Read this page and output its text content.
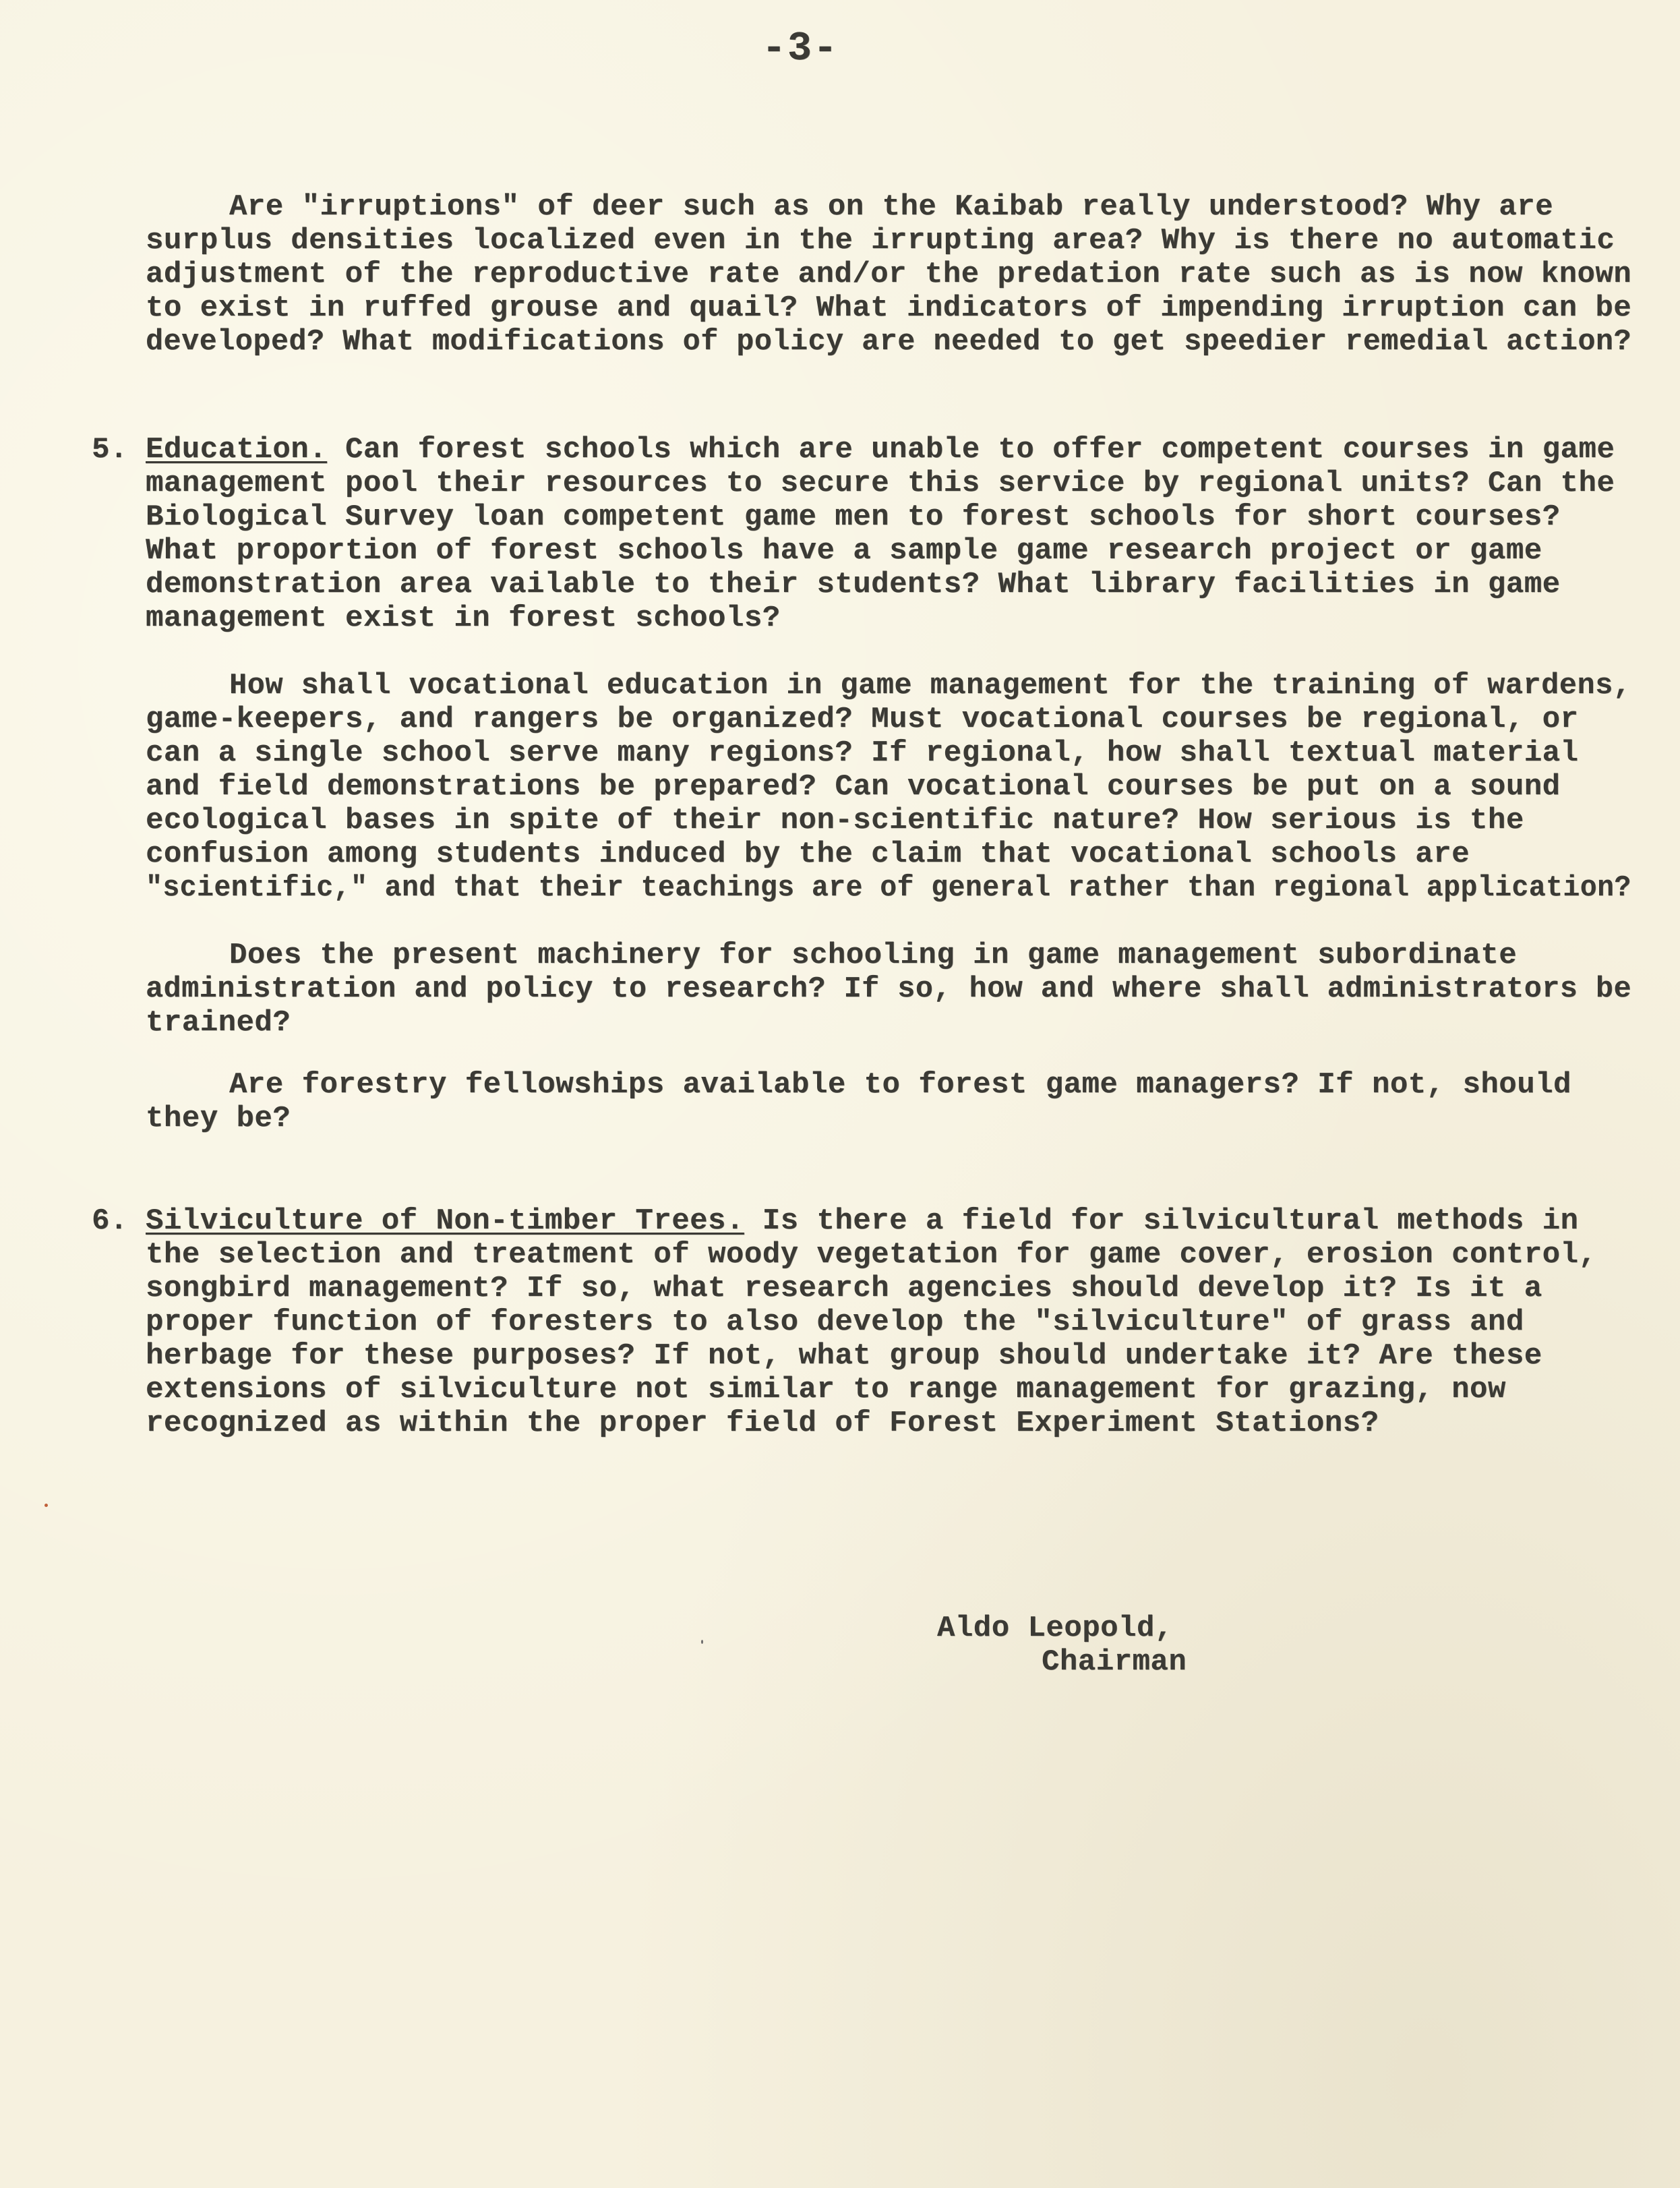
-3-
Are "irruptions" of deer such as on the Kaibab really understood? Why are
surplus densities localized even in the irrupting area? Why is there no automatic
adjustment of the reproductive rate and/or the predation rate such as is now known
to exist in ruffed grouse and quail? What indicators of impending irruption can be
developed? What modifications of policy are needed to get speedier remedial action?
5. Education. Can forest schools which are unable to offer competent courses in game
management pool their resources to secure this service by regional units? Can the
Biological Survey loan competent game men to forest schools for short courses?
What proportion of forest schools have a sample game research project or game
demonstration area vailable to their students? What library facilities in game
management exist in forest schools?
How shall vocational education in game management for the training of wardens,
game-keepers, and rangers be organized? Must vocational courses be regional, or
can a single school serve many regions? If regional, how shall textual material
and field demonstrations be prepared? Can vocational courses be put on a sound
ecological bases in spite of their non-scientific nature? How serious is the
confusion among students induced by the claim that vocational schools are
"scientific," and that their teachings are of general rather than regional application?
Does the present machinery for schooling in game management subordinate
administration and policy to research? If so, how and where shall administrators be
trained?
Are forestry fellowships available to forest game managers? If not, should
they be?
6. Silviculture of Non-timber Trees. Is there a field for silvicultural methods in
the selection and treatment of woody vegetation for game cover, erosion control,
songbird management? If so, what research agencies should develop it? Is it a
proper function of foresters to also develop the "silviculture" of grass and
herbage for these purposes? If not, what group should undertake it? Are these
extensions of silviculture not similar to range management for grazing, now
recognized as within the proper field of Forest Experiment Stations?
Aldo Leopold,
Chairman
